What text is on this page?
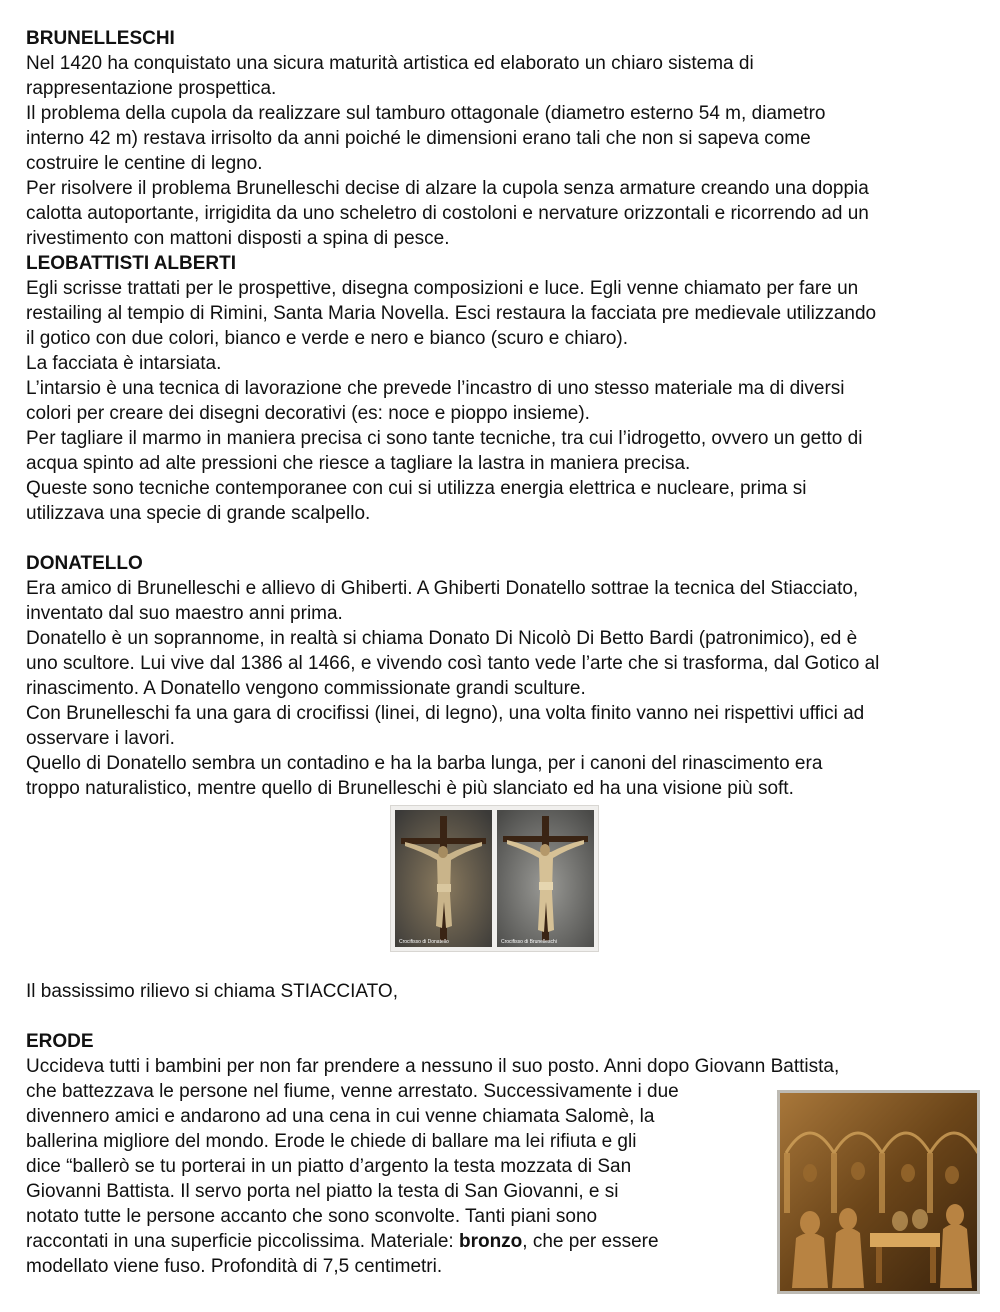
BRUNELLESCHI
Nel 1420 ha conquistato una sicura maturità artistica ed elaborato un chiaro sistema di
rappresentazione prospettica.
Il problema della cupola da realizzare sul tamburo ottagonale (diametro esterno 54 m, diametro
interno 42 m) restava irrisolto da anni poiché le dimensioni erano tali che non si sapeva come
costruire le centine di legno.
Per risolvere il problema Brunelleschi decise di alzare la cupola senza armature creando una doppia
calotta autoportante, irrigidita da uno scheletro di costoloni e nervature orizzontali e ricorrendo ad un
rivestimento con mattoni disposti a spina di pesce.
LEOBATTISTI ALBERTI
Egli scrisse trattati per le prospettive, disegna composizioni e luce. Egli venne chiamato per fare un
restailing al tempio di Rimini, Santa Maria Novella. Esci restaura la facciata pre medievale utilizzando
il gotico con due colori, bianco e verde e nero e bianco (scuro e chiaro).
La facciata è intarsiata.
L’intarsio è una tecnica di lavorazione che prevede l’incastro di uno stesso materiale ma di diversi
colori per creare dei disegni decorativi (es: noce e pioppo insieme).
Per tagliare il marmo in maniera precisa ci sono tante tecniche, tra cui l’idrogetto, ovvero un getto di
acqua spinto ad alte pressioni che riesce a tagliare la lastra in maniera precisa.
Queste sono tecniche contemporanee con cui si utilizza energia elettrica e nucleare, prima si
utilizzava una specie di grande scalpello.
DONATELLO
Era amico di Brunelleschi e allievo di Ghiberti. A Ghiberti Donatello sottrae la tecnica del Stiacciato,
inventato dal suo maestro anni prima.
Donatello è un soprannome, in realtà si chiama Donato Di Nicolò Di Betto Bardi (patronimico), ed è
uno scultore. Lui vive dal 1386 al 1466, e vivendo così tanto vede l’arte che si trasforma, dal Gotico al
rinascimento. A Donatello vengono commissionate grandi sculture.
Con Brunelleschi fa una gara di crocifissi (linei, di legno), una volta finito vanno nei rispettivi uffici ad
osservare i lavori.
Quello di Donatello sembra un contadino e ha la barba lunga, per i canoni del rinascimento era
troppo naturalistico, mentre quello di Brunelleschi è più slanciato ed ha una visione più soft.
Crocifisso di Donatello	Crocifisso di Brunelleschi
Il bassissimo rilievo si chiama STIACCIATO,
ERODE
Uccideva tutti i bambini per non far prendere a nessuno il suo posto. Anni dopo Giovann Battista,
che battezzava le persone nel fiume, venne arrestato. Successivamente i due
divennero amici e andarono ad una cena in cui venne chiamata Salomè, la
ballerina migliore del mondo. Erode le chiede di ballare ma lei rifiuta e gli
dice “ballerò se tu porterai in un piatto d’argento la testa mozzata di San
Giovanni Battista. Il servo porta nel piatto la testa di San Giovanni, e si
notato tutte le persone accanto che sono sconvolte. Tanti piani sono
raccontati in una superficie piccolissima. Materiale: bronzo, che per essere
modellato viene fuso. Profondità di 7,5 centimetri.
